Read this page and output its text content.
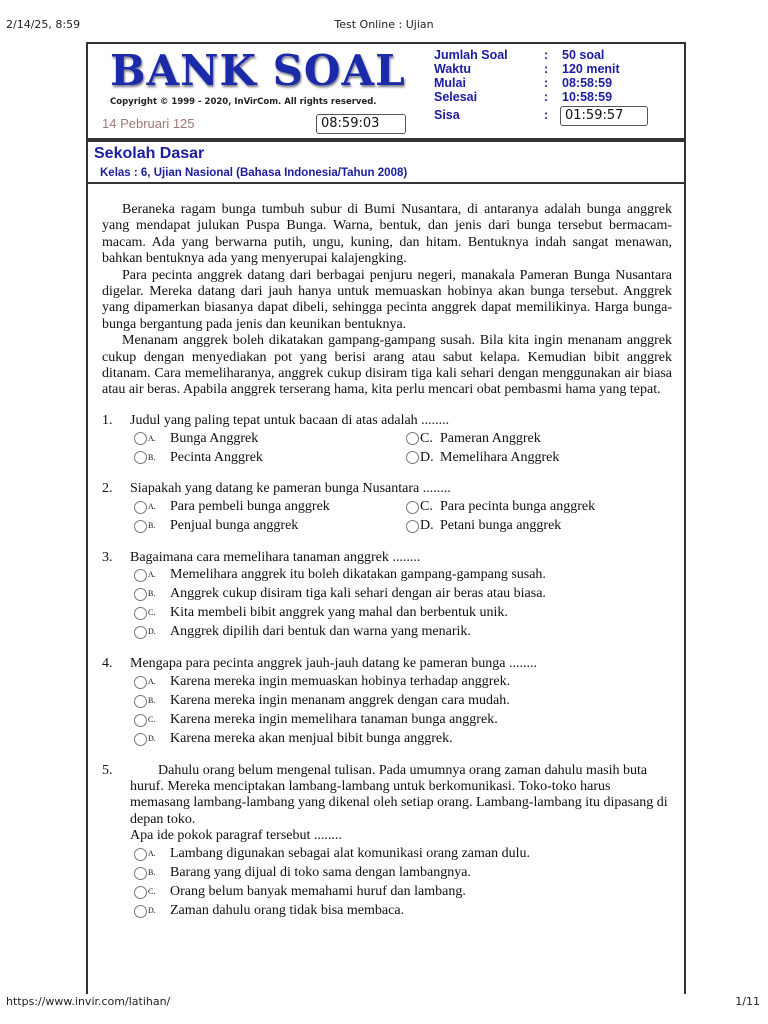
2/14/25, 8:59	Test Online : Ujian
BANK SOAL
Copyright © 1999 - 2020, InVirCom. All rights reserved.
14 Pebruari 125	08:59:03
Jumlah Soal	: 50 soal
Waktu	: 120 menit
Mulai	: 08:58:59
Selesai	: 10:58:59
Sisa	:	01:59:57
Sekolah Dasar
Kelas : 6, Ujian Nasional (Bahasa Indonesia/Tahun 2008)

Beraneka ragam bunga tumbuh subur di Bumi Nusantara, di antaranya adalah bunga anggrek yang mendapat julukan Puspa Bunga. Warna, bentuk, dan jenis dari bunga tersebut bermacam-macam. Ada yang berwarna putih, ungu, kuning, dan hitam. Bentuknya indah sangat menawan, bahkan bentuknya ada yang menyerupai kalajengking.

Para pecinta anggrek datang dari berbagai penjuru negeri, manakala Pameran Bunga Nusantara digelar. Mereka datang dari jauh hanya untuk memuaskan hobinya akan bunga tersebut. Anggrek yang dipamerkan biasanya dapat dibeli, sehingga pecinta anggrek dapat memilikinya. Harga bunga-bunga bergantung pada jenis dan keunikan bentuknya.

Menanam anggrek boleh dikatakan gampang-gampang susah. Bila kita ingin menanam anggrek cukup dengan menyediakan pot yang berisi arang atau sabut kelapa. Kemudian bibit anggrek ditanam. Cara memeliharanya, anggrek cukup disiram tiga kali sehari dengan menggunakan air biasa atau air beras. Apabila anggrek terserang hama, kita perlu mencari obat pembasmi hama yang tepat.

1.	Judul yang paling tepat untuk bacaan di atas adalah ........
A.	Bunga Anggrek	C. Pameran Anggrek
B.	Pecinta Anggrek	D. Memelihara Anggrek
2.	Siapakah yang datang ke pameran bunga Nusantara ........
A.	Para pembeli bunga anggrek	C. Para pecinta bunga anggrek
B.	Penjual bunga anggrek	D. Petani bunga anggrek
3.	Bagaimana cara memelihara tanaman anggrek ........
A.	Memelihara anggrek itu boleh dikatakan gampang-gampang susah.
B.	Anggrek cukup disiram tiga kali sehari dengan air beras atau biasa.
C.	Kita membeli bibit anggrek yang mahal dan berbentuk unik.
D.	Anggrek dipilih dari bentuk dan warna yang menarik.
4.	Mengapa para pecinta anggrek jauh-jauh datang ke pameran bunga ........
A.	Karena mereka ingin memuaskan hobinya terhadap anggrek.
B.	Karena mereka ingin menanam anggrek dengan cara mudah.
C.	Karena mereka ingin memelihara tanaman bunga anggrek.
D.	Karena mereka akan menjual bibit bunga anggrek.
5.	Dahulu orang belum mengenal tulisan. Pada umumnya orang zaman dahulu masih buta huruf. Mereka menciptakan lambang-lambang untuk berkomunikasi. Toko-toko harus memasang lambang-lambang yang dikenal oleh setiap orang. Lambang-lambang itu dipasang di depan toko.
Apa ide pokok paragraf tersebut ........
A.	Lambang digunakan sebagai alat komunikasi orang zaman dulu.
B.	Barang yang dijual di toko sama dengan lambangnya.
C.	Orang belum banyak memahami huruf dan lambang.
D.	Zaman dahulu orang tidak bisa membaca.
https://www.invir.com/latihan/	1/11
